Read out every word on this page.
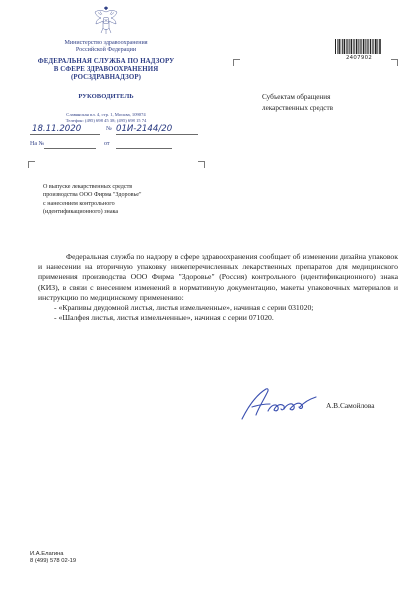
Министерство здравоохранения
Российской Федерации
ФЕДЕРАЛЬНАЯ СЛУЖБА ПО НАДЗОРУ
В СФЕРЕ ЗДРАВООХРАНЕНИЯ
(РОСЗДРАВНАДЗОР)
РУКОВОДИТЕЛЬ
Славянская пл. 4, стр. 1, Москва, 109074
Телефон: (495) 698 45 38; (495) 698 15 74
18.11.2020	№ 01И-2144/20
На №	от
2407902
Субъектам обращения
лекарственных средств
О выпуске лекарственных средств
производства ООО Фирма "Здоровье"
с нанесением контрольного
(идентификационного) знака

Федеральная служба по надзору в сфере здравоохранения сообщает об изменении дизайна упаковок и нанесении на вторичную упаковку нижеперечисленных лекарственных препаратов для медицинского применения производства ООО Фирма "Здоровье" (Россия) контрольного (идентификационного) знака (КИЗ), в связи с внесением изменений в нормативную документацию, макеты упаковочных материалов и инструкцию по медицинскому применению:

- «Крапивы двудомной листья, листья измельченные», начиная с серии 031020;

- «Шалфея листья, листья измельченные», начиная с серии 071020.

А.В.Самойлова
И.А.Елагина
8 (499) 578 02-19
